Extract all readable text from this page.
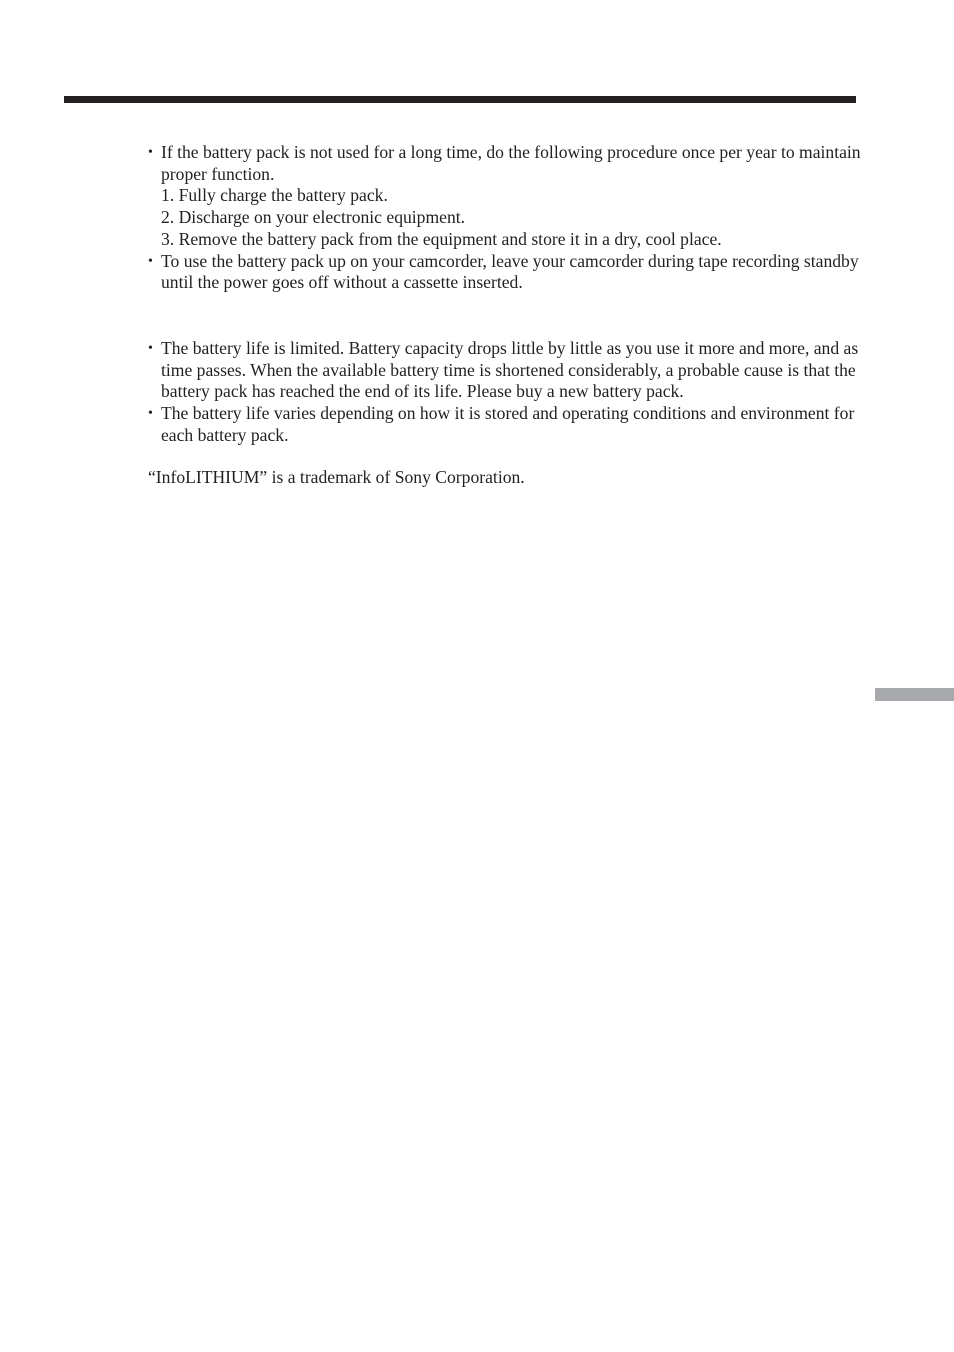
• If the battery pack is not used for a long time, do the following procedure once per year to maintain proper function.
1. Fully charge the battery pack.
2. Discharge on your electronic equipment.
3. Remove the battery pack from the equipment and store it in a dry, cool place.
• To use the battery pack up on your camcorder, leave your camcorder during tape recording standby until the power goes off without a cassette inserted.
• The battery life is limited. Battery capacity drops little by little as you use it more and more, and as time passes. When the available battery time is shortened considerably, a probable cause is that the battery pack has reached the end of its life. Please buy a new battery pack.
• The battery life varies depending on how it is stored and operating conditions and environment for each battery pack.

“InfoLITHIUM” is a trademark of Sony Corporation.
